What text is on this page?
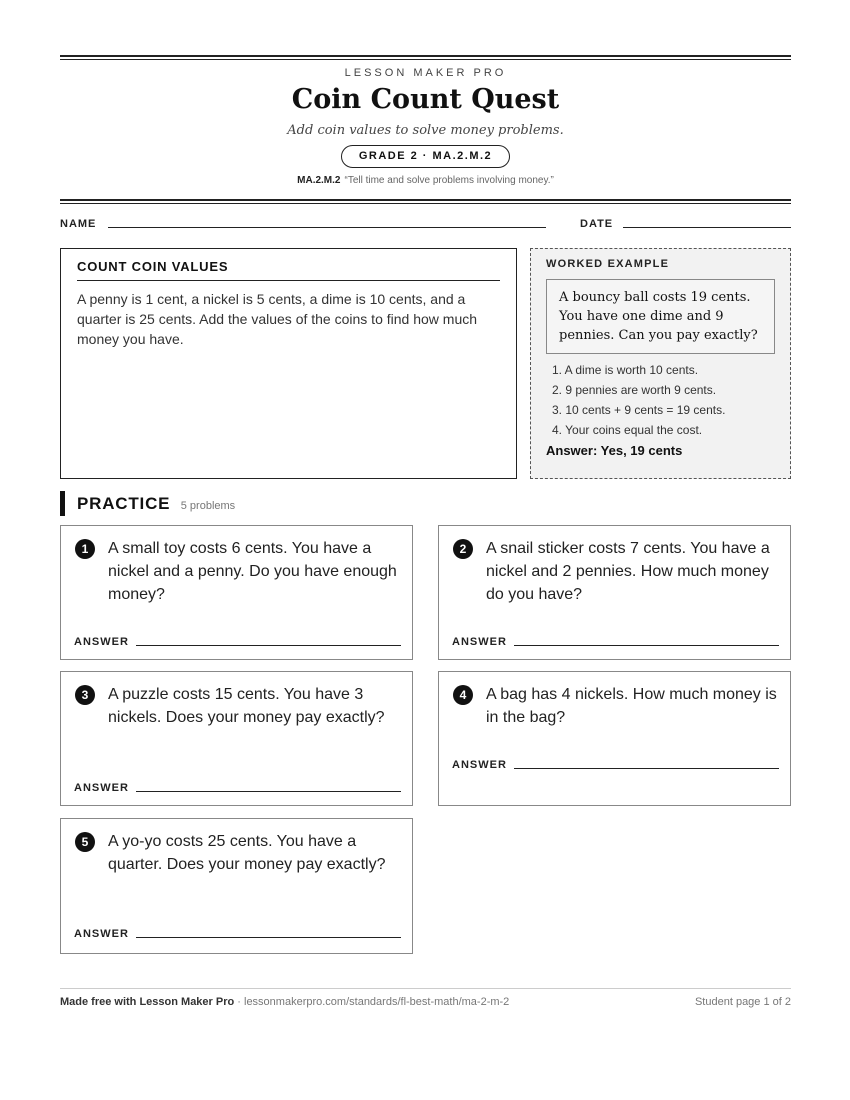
LESSON MAKER PRO
Coin Count Quest
Add coin values to solve money problems.
GRADE 2 · MA.2.M.2
MA.2.M.2 “Tell time and solve problems involving money.”
NAME	DATE
COUNT COIN VALUES
A penny is 1 cent, a nickel is 5 cents, a dime is 10 cents, and a quarter is 25 cents. Add the values of the coins to find how much money you have.
WORKED EXAMPLE
A bouncy ball costs 19 cents. You have one dime and 9 pennies. Can you pay exactly?
1. A dime is worth 10 cents.
2. 9 pennies are worth 9 cents.
3. 10 cents + 9 cents = 19 cents.
4. Your coins equal the cost.
Answer: Yes, 19 cents
PRACTICE 5 problems
1	A small toy costs 6 cents. You have a nickel and a penny. Do you have enough money?
ANSWER
2	A snail sticker costs 7 cents. You have a nickel and 2 pennies. How much money do you have?
ANSWER
3	A puzzle costs 15 cents. You have 3 nickels. Does your money pay exactly?
ANSWER
4	A bag has 4 nickels. How much money is in the bag?
ANSWER
5	A yo-yo costs 25 cents. You have a quarter. Does your money pay exactly?
ANSWER
Made free with Lesson Maker Pro · lessonmakerpro.com/standards/fl-best-math/ma-2-m-2	Student page 1 of 2
